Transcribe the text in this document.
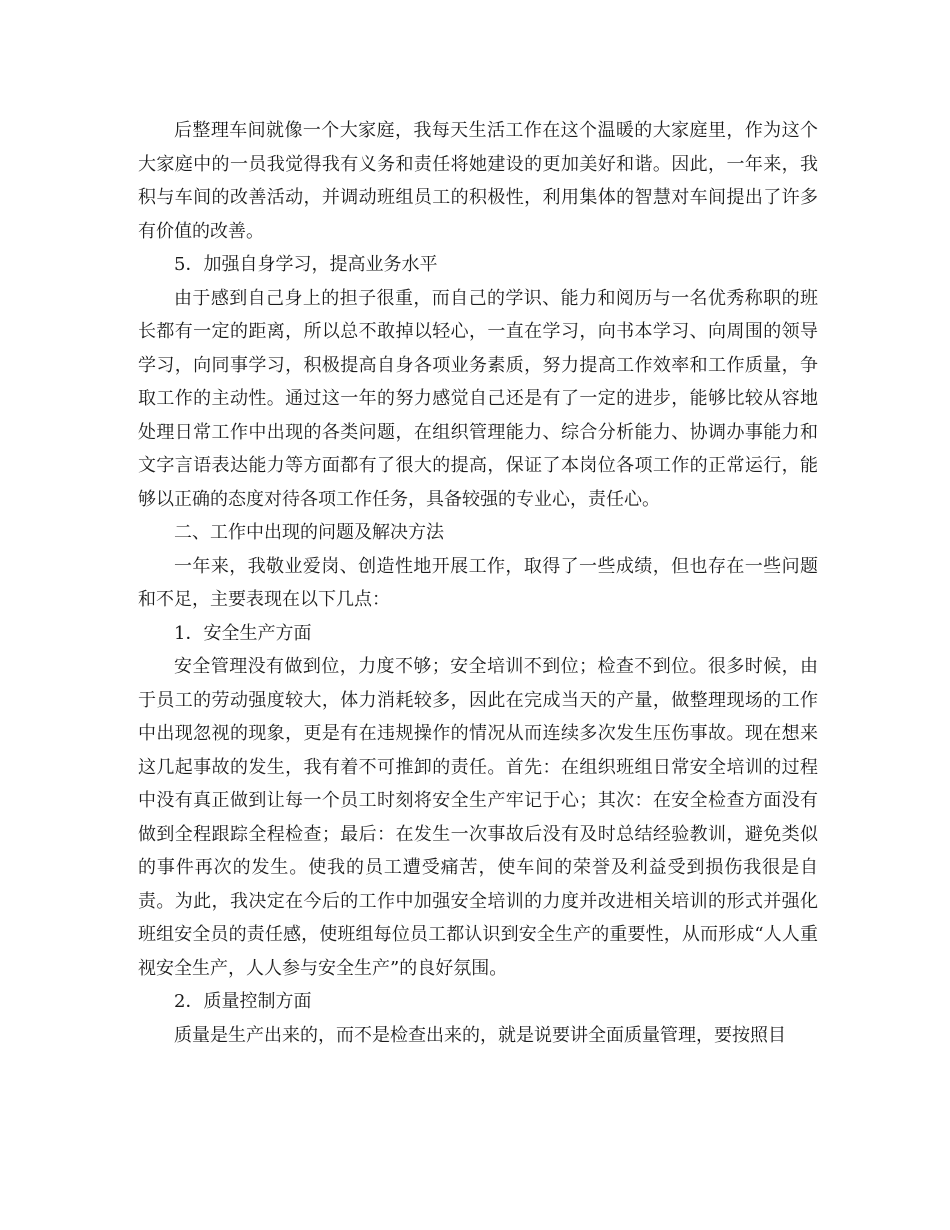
后整理车间就像一个大家庭，我每天生活工作在这个温暖的大家庭里，作为这个大家庭中的一员我觉得我有义务和责任将她建设的更加美好和谐。因此，一年来，我积与车间的改善活动，并调动班组员工的积极性，利用集体的智慧对车间提出了许多有价值的改善。

5．加强自身学习，提高业务水平

由于感到自己身上的担子很重，而自己的学识、能力和阅历与一名优秀称职的班长都有一定的距离，所以总不敢掉以轻心，一直在学习，向书本学习、向周围的领导学习，向同事学习，积极提高自身各项业务素质，努力提高工作效率和工作质量，争取工作的主动性。通过这一年的努力感觉自己还是有了一定的进步，能够比较从容地处理日常工作中出现的各类问题，在组织管理能力、综合分析能力、协调办事能力和文字言语表达能力等方面都有了很大的提高，保证了本岗位各项工作的正常运行，能够以正确的态度对待各项工作任务，具备较强的专业心，责任心。

二、工作中出现的问题及解决方法

一年来，我敬业爱岗、创造性地开展工作，取得了一些成绩，但也存在一些问题和不足，主要表现在以下几点：

1．安全生产方面

安全管理没有做到位，力度不够；安全培训不到位；检查不到位。很多时候，由于员工的劳动强度较大，体力消耗较多，因此在完成当天的产量，做整理现场的工作中出现忽视的现象，更是有在违规操作的情况从而连续多次发生压伤事故。现在想来这几起事故的发生，我有着不可推卸的责任。首先：在组织班组日常安全培训的过程中没有真正做到让每一个员工时刻将安全生产牢记于心；其次：在安全检查方面没有做到全程跟踪全程检查；最后：在发生一次事故后没有及时总结经验教训，避免类似的事件再次的发生。使我的员工遭受痛苦，使车间的荣誉及利益受到损伤我很是自责。为此，我决定在今后的工作中加强安全培训的力度并改进相关培训的形式并强化班组安全员的责任感，使班组每位员工都认识到安全生产的重要性，从而形成“人人重视安全生产，人人参与安全生产”的良好氛围。

2．质量控制方面

质量是生产出来的，而不是检查出来的，就是说要讲全面质量管理，要按照目
